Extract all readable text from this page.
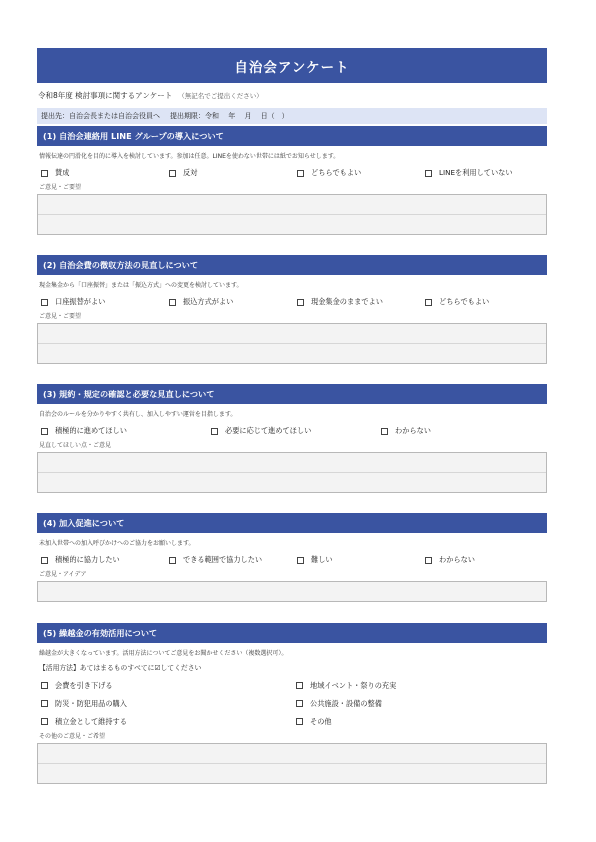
自治会アンケート
令和8年度 検討事項に関するアンケート （無記名でご提出ください）
提出先：自治会長または自治会役員へ 提出期限：令和　 年　 月　 日（　）
(1) 自治会連絡用 LINE グループの導入について
情報伝達の円滑化を目的に導入を検討しています。参加は任意。LINEを使わない世帯には紙でお知らせします。
賛成	反対	どちらでもよい	LINEを利用していない
ご意見・ご要望
(2) 自治会費の徴収方法の見直しについて
現金集金から「口座振替」または「振込方式」への変更を検討しています。
口座振替がよい	振込方式がよい	現金集金のままでよい	どちらでもよい
ご意見・ご要望
(3) 規約・規定の確認と必要な見直しについて
自治会のルールを分かりやすく共有し、加入しやすい運営を目指します。
積極的に進めてほしい	必要に応じて進めてほしい	わからない
見直してほしい点・ご意見
(4) 加入促進について
未加入世帯への加入呼びかけへのご協力をお願いします。
積極的に協力したい	できる範囲で協力したい	難しい	わからない
ご意見・アイデア
(5) 繰越金の有効活用について
繰越金が大きくなっています。活用方法についてご意見をお聞かせください（複数選択可）。
【活用方法】あてはまるものすべてに☑してください
会費を引き下げる	地域イベント・祭りの充実
防災・防犯用品の購入	公共施設・設備の整備
積立金として維持する	その他
その他のご意見・ご希望
